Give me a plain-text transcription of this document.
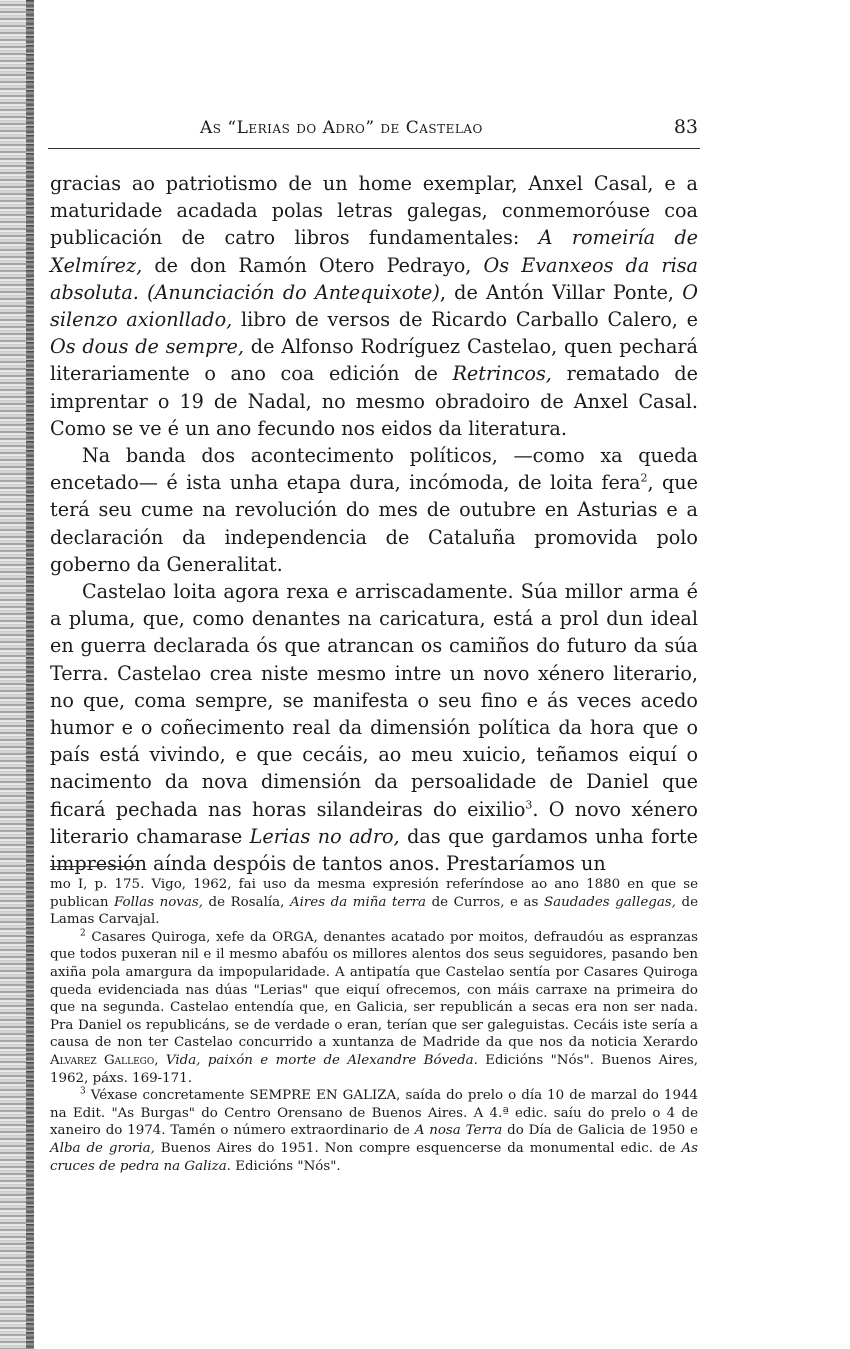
As “Lerias do Adro” de Castelao	83

gracias ao patriotismo de un home exemplar, Anxel Casal, e a maturidade acadada polas letras galegas, conmemoróuse coa publicación de catro libros fundamentales: A romeiría de Xelmírez, de don Ramón Otero Pedrayo, Os Evanxeos da risa absoluta. (Anunciación do Antequixote), de Antón Villar Ponte, O silenzo axionllado, libro de versos de Ricardo Carballo Calero, e Os dous de sempre, de Alfonso Rodríguez Castelao, quen pechará literariamente o ano coa edición de Retrincos, rematado de imprentar o 19 de Nadal, no mesmo obradoiro de Anxel Casal. Como se ve é un ano fecundo nos eidos da literatura.

Na banda dos acontecimento políticos, —como xa queda encetado— é ista unha etapa dura, incómoda, de loita fera$^2$, que terá seu cume na revolución do mes de outubre en Asturias e a declaración da independencia de Cataluña promovida polo goberno da Generalitat.

Castelao loita agora rexa e arriscadamente. Súa millor arma é a pluma, que, como denantes na caricatura, está a prol dun ideal en guerra declarada ós que atrancan os camiños do futuro da súa Terra. Castelao crea niste mesmo intre un novo xénero literario, no que, coma sempre, se manifesta o seu fino e ás veces acedo humor e o coñecimento real da dimensión política da hora que o país está vivindo, e que cecáis, ao meu xuicio, teñamos eiquí o nacimento da nova dimensión da persoalidade de Daniel que ficará pechada nas horas silandeiras do eixilio$^3$. O novo xénero literario chamarase Lerias no adro, das que gardamos unha forte impresión aínda despóis de tantos anos. Prestaríamos un

mo I, p. 175. Vigo, 1962, fai uso da mesma expresión referíndose ao ano 1880 en que se publican Follas novas, de Rosalía, Aires da miña terra de Curros, e as Saudades gallegas, de Lamas Carvajal.

$^2$ Casares Quiroga, xefe da ORGA, denantes acatado por moitos, defraudóu as espranzas que todos puxeran nil e il mesmo abafóu os millores alentos dos seus seguidores, pasando ben axiña pola amargura da impopularidade. A antipatía que Castelao sentía por Casares Quiroga queda evidenciada nas dúas "Lerias" que eiquí ofrecemos, con máis carraxe na primeira do que na segunda. Castelao entendía que, en Galicia, ser republicán a secas era non ser nada. Pra Daniel os republicáns, se de verdade o eran, terían que ser galeguistas. Cecáis iste sería a causa de non ter Castelao concurrido a xuntanza de Madride da que nos da noticia Xerardo Alvarez Gallego, Vida, paixón e morte de Alexandre Bóveda. Edicións "Nós". Buenos Aires, 1962, páxs. 169-171.

$^3$ Véxase concretamente SEMPRE EN GALIZA, saída do prelo o día 10 de marzal do 1944 na Edit. "As Burgas" do Centro Orensano de Buenos Aires. A 4.ª edic. saíu do prelo o 4 de xaneiro do 1974. Tamén o número extraordinario de A nosa Terra do Día de Galicia de 1950 e Alba de groria, Buenos Aires do 1951. Non compre esquencerse da monumental edic. de As cruces de pedra na Galiza. Edicións "Nós".
